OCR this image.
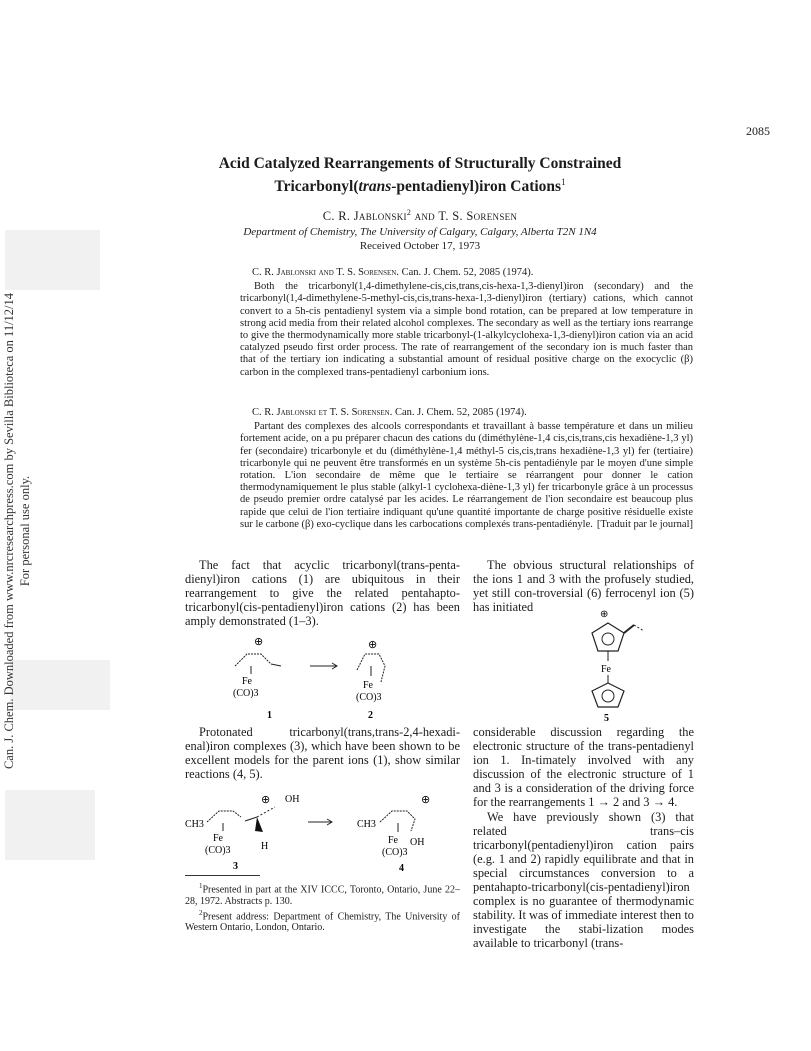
Can. J. Chem. Downloaded from www.nrcresearchpress.com by Sevilla Biblioteca on 11/12/14 For personal use only.
2085
Acid Catalyzed Rearrangements of Structurally Constrained
Tricarbonyl(trans-pentadienyl)iron Cations$^1$
C. R. Jablonski$^2$ and T. S. Sorensen
Department of Chemistry, The University of Calgary, Calgary, Alberta T2N 1N4
Received October 17, 1973

C. R. Jablonski and T. S. Sorensen. Can. J. Chem. 52, 2085 (1974).

Both the tricarbonyl(1,4-dimethylene-cis,cis,trans,cis-hexa-1,3-dienyl)iron (secondary) and the tricarbonyl(1,4-dimethylene-5-methyl-cis,cis,trans-hexa-1,3-dienyl)iron (tertiary) cations, which cannot convert to a 5h-cis pentadienyl system via a simple bond rotation, can be prepared at low temperature in strong acid media from their related alcohol complexes. The secondary as well as the tertiary ions rearrange to give the thermodynamically more stable tricarbonyl-(1-alkylcyclohexa-1,3-dienyl)iron cation via an acid catalyzed pseudo first order process. The rate of rearrangement of the secondary ion is much faster than that of the tertiary ion indicating a substantial amount of residual positive charge on the exocyclic (β) carbon in the complexed trans-pentadienyl carbonium ions.

C. R. Jablonski et T. S. Sorensen. Can. J. Chem. 52, 2085 (1974).

Partant des complexes des alcools correspondants et travaillant à basse température et dans un milieu fortement acide, on a pu préparer chacun des cations du (diméthylène-1,4 cis,cis,trans,cis hexadiène-1,3 yl) fer (secondaire) tricarbonyle et du (diméthylène-1,4 méthyl-5 cis,cis,trans hexadiène-1,3 yl) fer (tertiaire) tricarbonyle qui ne peuvent être transformés en un système 5h-cis pentadiényle par le moyen d'une simple rotation. L'ion secondaire de même que le tertiaire se réarrangent pour donner le cation thermodynamiquement le plus stable (alkyl-1 cyclohexa-diène-1,3 yl) fer tricarbonyle grâce à un processus de pseudo premier ordre catalysé par les acides. Le réarrangement de l'ion secondaire est beaucoup plus rapide que celui de l'ion tertiaire indiquant qu'une quantité importante de charge positive résiduelle existe sur le carbone (β) exo-cyclique dans les carbocations complexés trans-pentadiényle. [Traduit par le journal]

The fact that acyclic tricarbonyl(trans-penta-dienyl)iron cations (1) are ubiquitous in their rearrangement to give the related pentahapto-tricarbonyl(cis-pentadienyl)iron cations (2) has been amply demonstrated (1–3).

⊕
Fe
(CO)3
1
⊕
Fe
(CO)3
2

Protonated tricarbonyl(trans,trans-2,4-hexadi-enal)iron complexes (3), which have been shown to be excellent models for the parent ions (1), show similar reactions (4, 5).

CH3
⊕ OH
Fe
(CO)3	H
3
CH3
⊕
Fe OH
(CO)3
4

$^1$Presented in part at the XIV ICCC, Toronto, Ontario, June 22–28, 1972. Abstracts p. 130.

$^2$Present address: Department of Chemistry, The University of Western Ontario, London, Ontario.

The obvious structural relationships of the ions 1 and 3 with the profusely studied, yet still con-troversial (6) ferrocenyl ion (5) has initiated

⊕
Fe
5

considerable discussion regarding the electronic structure of the trans-pentadienyl ion 1. In-timately involved with any discussion of the electronic structure of 1 and 3 is a consideration of the driving force for the rearrangements 1 → 2 and 3 → 4.

We have previously shown (3) that related trans–cis tricarbonyl(pentadienyl)iron cation pairs (e.g. 1 and 2) rapidly equilibrate and that in special circumstances conversion to a pentahapto-tricarbonyl(cis-pentadienyl)iron complex is no guarantee of thermodynamic stability. It was of immediate interest then to investigate the stabi-lization modes available to tricarbonyl (trans-
